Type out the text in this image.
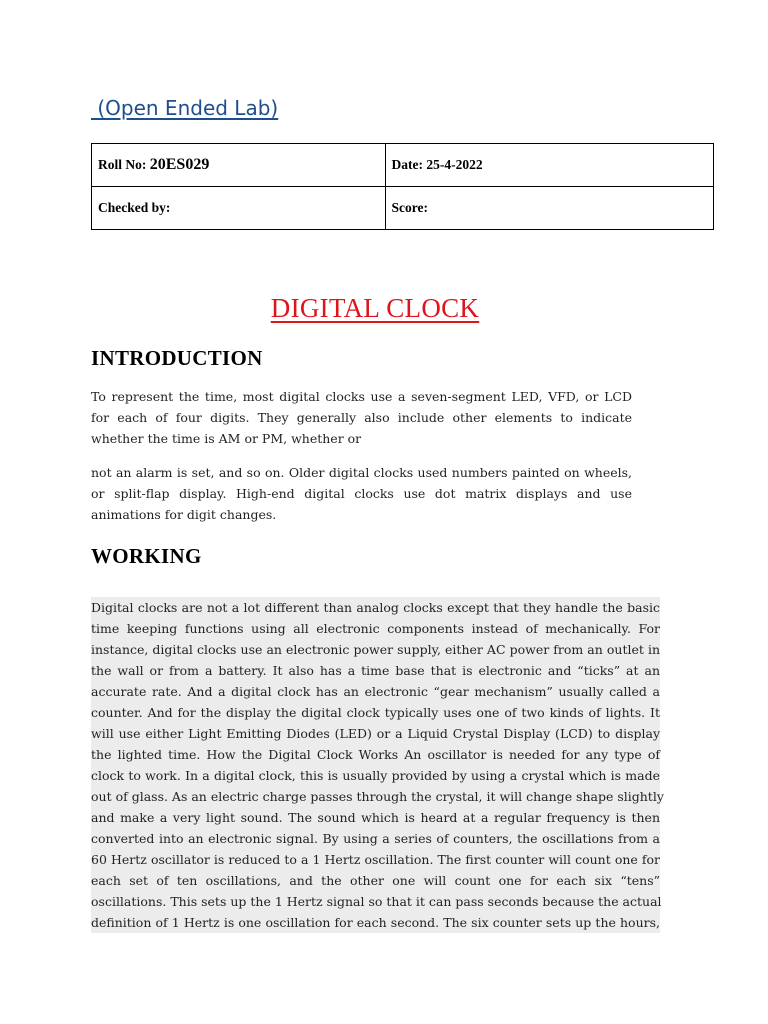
(Open Ended Lab)
Roll No: 20ES029	Date: 25-4-2022
Checked by:	Score:
DIGITAL CLOCK
INTRODUCTION
To represent the time, most digital clocks use a seven-segment LED, VFD, or LCD for each of four digits. They generally also include other elements to indicate whether the time is AM or PM, whether or
not an alarm is set, and so on. Older digital clocks used numbers painted on wheels, or split-flap display. High-end digital clocks use dot matrix displays and use animations for digit changes.
WORKING
Digital clocks are not a lot different than analog clocks except that they handle the basic
time keeping functions using all electronic components instead of mechanically. For
instance, digital clocks use an electronic power supply, either AC power from an outlet in
the wall or from a battery. It also has a time base that is electronic and “ticks” at an
accurate rate. And a digital clock has an electronic “gear mechanism” usually called a
counter. And for the display the digital clock typically uses one of two kinds of lights. It
will use either Light Emitting Diodes (LED) or a Liquid Crystal Display (LCD) to display
the lighted time. How the Digital Clock Works An oscillator is needed for any type of
clock to work. In a digital clock, this is usually provided by using a crystal which is made
out of glass. As an electric charge passes through the crystal, it will change shape slightly
and make a very light sound. The sound which is heard at a regular frequency is then
converted into an electronic signal. By using a series of counters, the oscillations from a
60 Hertz oscillator is reduced to a 1 Hertz oscillation. The first counter will count one for
each set of ten oscillations, and the other one will count one for each six “tens”
oscillations. This sets up the 1 Hertz signal so that it can pass seconds because the actual
definition of 1 Hertz is one oscillation for each second. The six counter sets up the hours,
